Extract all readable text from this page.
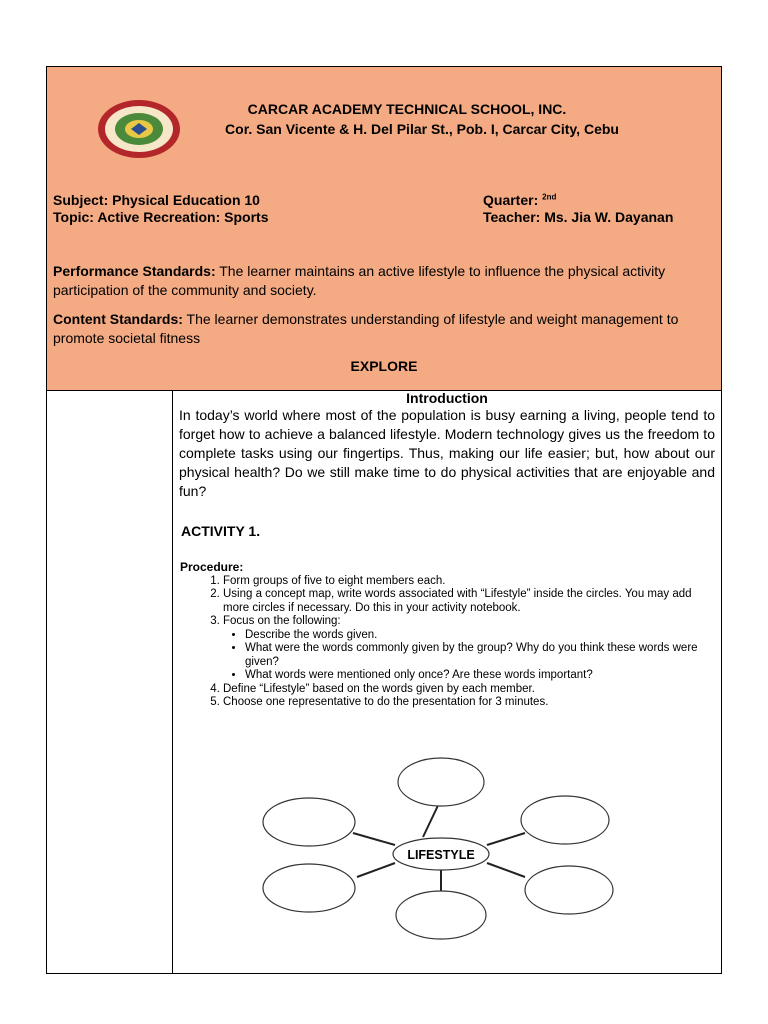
CARCAR ACADEMY TECHNICAL SCHOOL, INC.
Cor. San Vicente & H. Del Pilar St., Pob. I, Carcar City, Cebu
Subject: Physical Education 10
Topic: Active Recreation: Sports
Quarter: $^{2nd}$
Teacher: Ms. Jia W. Dayanan
Performance Standards: The learner maintains an active lifestyle to influence the physical activity participation of the community and society.
Content Standards: The learner demonstrates understanding of lifestyle and weight management to promote societal fitness
EXPLORE

Introduction

In today’s world where most of the population is busy earning a living, people tend to forget how to achieve a balanced lifestyle. Modern technology gives us the freedom to complete tasks using our fingertips. Thus, making our life easier; but, how about our physical health? Do we still make time to do physical activities that are enjoyable and fun?

ACTIVITY 1.
Procedure:
1. Form groups of five to eight members each.
2. Using a concept map, write words associated with “Lifestyle” inside the circles. You may add more circles if necessary. Do this in your activity notebook.
3. Focus on the following:
• Describe the words given.
• What were the words commonly given by the group? Why do you think these words were given?
• What words were mentioned only once? Are these words important?
4. Define “Lifestyle” based on the words given by each member.
5. Choose one representative to do the presentation for 3 minutes.
LIFESTYLE
